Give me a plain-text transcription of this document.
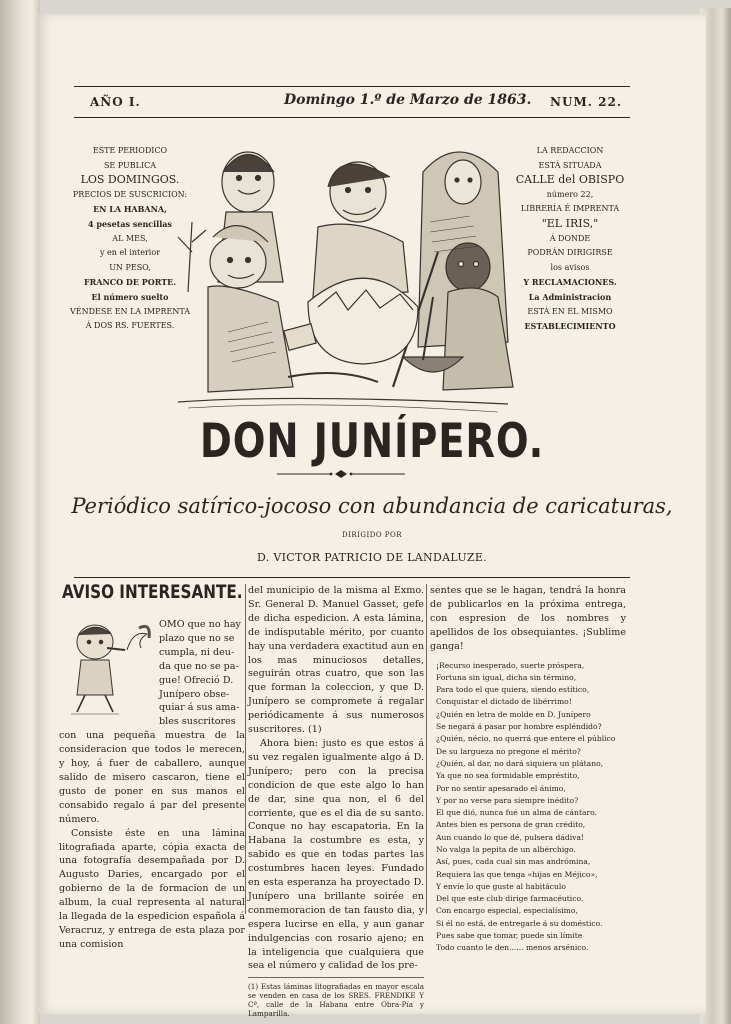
AÑO I.	Domingo 1.º de Marzo de 1863. NUM. 22.
ESTE PERIODICO
SE PUBLICA
LOS DOMINGOS.
PRECIOS DE SUSCRICION:
EN LA HABANA,
4 pesetas sencillas
AL MES,
y en el interior
UN PESO,
FRANCO DE PORTE.
El número suelto
VÉNDESE EN LA IMPRENTA
Á DOS RS. FUERTES.
LA REDACCION
ESTÁ SITUADA
CALLE del OBISPO
número 22,
LIBRERÍA É IMPRENTA
"EL IRIS,"
Á DONDE
PODRÁN DIRIGIRSE
los avisos
Y RECLAMACIONES.
La Administracion
ESTÁ EN EL MISMO
ESTABLECIMIENTO
DON JUNÍPERO.
Periódico satírico-jocoso con abundancia de caricaturas,
DIRIGIDO POR
D. VICTOR PATRICIO DE LANDALUZE.
AVISO INTERESANTE.
OMO que no hay
plazo que no se
cumpla, ni deu-
da que no se pa-
gue! Ofreció D.
Junípero obse-
quiar á sus ama-
bles suscritores

con una pequeña muestra de la consideracion que todos le merecen, y hoy, á fuer de caballero, aunque salido de misero cascaron, tiene el gusto de poner en sus manos el consabido regalo á par del presente número.

Consiste éste en una lámina litografiada aparte, cópia exacta de una fotografía desempañada por D. Augusto Daries, encargado por el gobierno de la de formacion de un album, la cual representa al natural la llegada de la espedicion española á Veracruz, y entrega de esta plaza por una comision

del municipio de la misma al Exmo. Sr. General D. Manuel Gasset, gefe de dicha espedicion. A esta lámina, de indisputable mérito, por cuanto hay una verdadera exactitud aun en los mas minuciosos detalles, seguirán otras cuatro, que son las que forman la coleccion, y que D. Junípero se compromete á regalar periódicamente á sus numerosos suscritores. (1)

Ahora bien: justo es que estos á su vez regalen igualmente algo á D. Junípero; pero con la precisa condicion de que este algo lo han de dar, sine qua non, el 6 del corriente, que es el dia de su santo. Conque no hay escapatoria. En la Habana la costumbre es esta, y sabido es que en todas partes las costumbres hacen leyes. Fundado en esta esperanza ha proyectado D. Junípero una brillante soirée en conmemoracion de tan fausto dia, y espera lucirse en ella, y aun ganar indulgencias con rosario ajeno; en la inteligencia que cualquiera que sea el número y calidad de los pre-

(1) Estas láminas litografiadas en mayor escala se venden en casa de los SRES. FRENDIKE Y Cª, calle de la Habana entre Obra-Pía y Lamparilla.

sentes que se le hagan, tendrá la honra de publicarlos en la próxima entrega, con espresion de los nombres y apellidos de los obsequiantes. ¡Sublime ganga!

¡Recurso inesperado, suerte próspera,
Fortuna sin igual, dicha sin término,
Para todo el que quiera, siendo estítico,
Conquistar el dictado de libérrimo!
¿Quién en letra de molde en D. Junípero
Se negará á pasar por hombre espléndido?
¿Quién, nécio, no querrá que entere el público
De su largueza no pregone el mérito?
¿Quién, al dar, no dará siquiera un plátano,
Ya que no sea formidable empréstito,
Por no sentir apesarado el ánimo,
Y por no verse para siempre inédito?
El que dió, nunca fué un alma de cántaro.
Antes bien es persona de gran crédito,
Aun cuando lo que dé, pulsera dádiva!
No valga la pepita de un albérchigo.
Así, pues, cada cual sin mas andrómina,
Requiera las que tenga «hijas en Méjico»,
Y envíe lo que guste al habitáculo
Del que este club dirige farmacéutico.
Con encargo especial, especialísimo,
Si él no está, de entregarle á su doméstico.
Pues sabe que tomar, puede sin límite
Todo cuanto le den...... menos arsénico.
